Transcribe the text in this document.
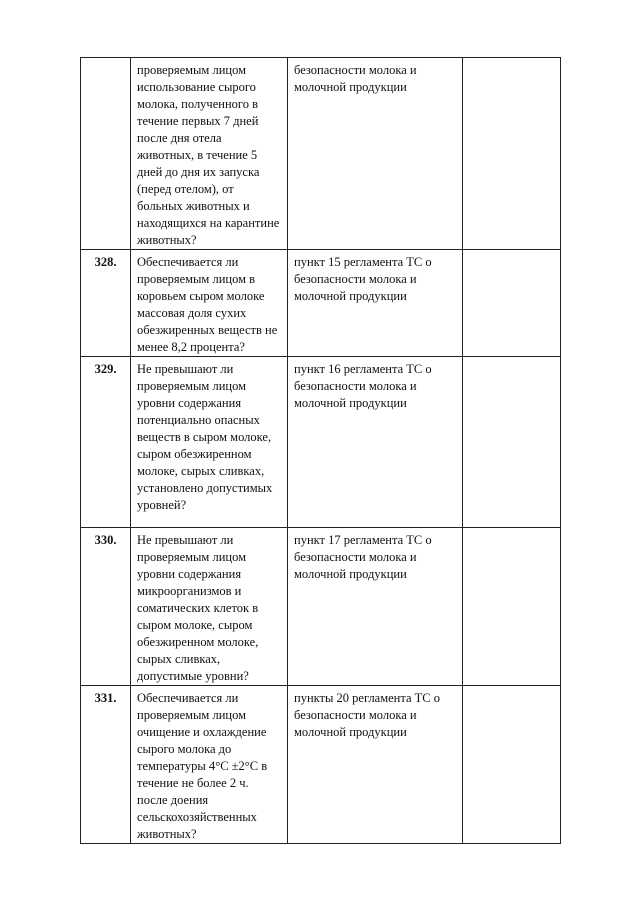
	проверяемым лицом использование сырого молока, полученного в течение первых 7 дней после дня отела животных, в течение 5 дней до дня их запуска (перед отелом), от больных животных и находящихся на карантине животных?	безопасности молока и молочной продукции	

328.	Обеспечивается ли проверяемым лицом в коровьем сыром молоке массовая доля сухих обезжиренных веществ не менее 8,2 процента?	пункт 15 регламента ТС о безопасности молока и молочной продукции	

329.	Не превышают ли проверяемым лицом уровни содержания потенциально опасных веществ в сыром молоке, сыром обезжиренном молоке, сырых сливках, установлено допустимых уровней?	пункт 16 регламента ТС о безопасности молока и молочной продукции	

330.	Не превышают ли проверяемым лицом уровни содержания микроорганизмов и соматических клеток в сыром молоке, сыром обезжиренном молоке, сырых сливках, допустимые уровни?	пункт 17 регламента ТС о безопасности молока и молочной продукции	

331.	Обеспечивается ли проверяемым лицом очищение и охлаждение сырого молока до температуры 4°С ±2°С в течение не более 2 ч. после доения сельскохозяйственных животных?	пункты 20 регламента ТС о безопасности молока и молочной продукции	
